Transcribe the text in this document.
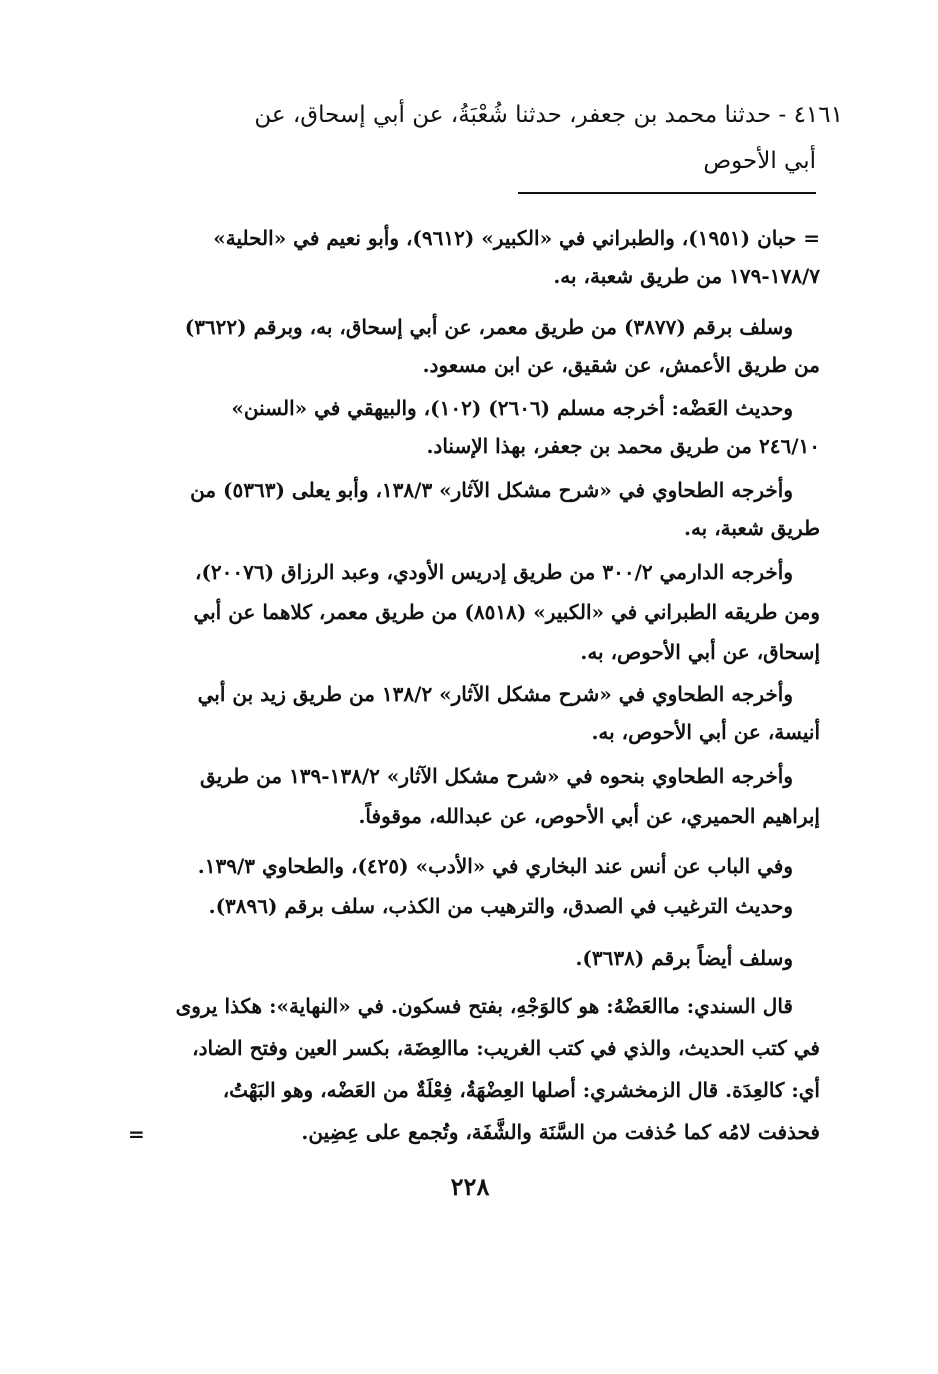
٤١٦١ - حدثنا محمد بن جعفر، حدثنا شُعْبَةُ، عن أبي إسحاق، عن
أبي الأحوص
= حبان (١٩٥١)، والطبراني في «الكبير» (٩٦١٢)، وأبو نعيم في «الحلية»
١٧٨/٧-١٧٩ من طريق شعبة، به.
وسلف برقم (٣٨٧٧) من طريق معمر، عن أبي إسحاق، به، وبرقم (٣٦٢٢)
من طريق الأعمش، عن شقيق، عن ابن مسعود.
وحديث العَضْه: أخرجه مسلم (٢٦٠٦) (١٠٢)، والبيهقي في «السنن»
٢٤٦/١٠ من طريق محمد بن جعفر، بهذا الإسناد.
وأخرجه الطحاوي في «شرح مشكل الآثار» ١٣٨/٣، وأبو يعلى (٥٣٦٣) من
طريق شعبة، به.
وأخرجه الدارمي ٣٠٠/٢ من طريق إدريس الأودي، وعبد الرزاق (٢٠٠٧٦)،
ومن طريقه الطبراني في «الكبير» (٨٥١٨) من طريق معمر، كلاهما عن أبي
إسحاق، عن أبي الأحوص، به.
وأخرجه الطحاوي في «شرح مشكل الآثار» ١٣٨/٢ من طريق زيد بن أبي
أنيسة، عن أبي الأحوص، به.
وأخرجه الطحاوي بنحوه في «شرح مشكل الآثار» ١٣٨/٢-١٣٩ من طريق
إبراهيم الحميري، عن أبي الأحوص، عن عبدالله، موقوفاً.
وفي الباب عن أنس عند البخاري في «الأدب» (٤٢٥)، والطحاوي ١٣٩/٣.
وحديث الترغيب في الصدق، والترهيب من الكذب، سلف برقم (٣٨٩٦).
وسلف أيضاً برقم (٣٦٣٨).
قال السندي: ماالعَضْهُ: هو كالوَجْهِ، بفتح فسكون. في «النهاية»: هكذا يروى
في كتب الحديث، والذي في كتب الغريب: ماالعِضَة، بكسر العين وفتح الضاد،
أي: كالعِدَة. قال الزمخشري: أصلها العِضْهَةُ، فِعْلَةٌ من العَضْه، وهو البَهْتُ،
فحذفت لامُه كما حُذفت من السَّنَة والشَّفَة، وتُجمع على عِضِين.
=
٢٢٨
